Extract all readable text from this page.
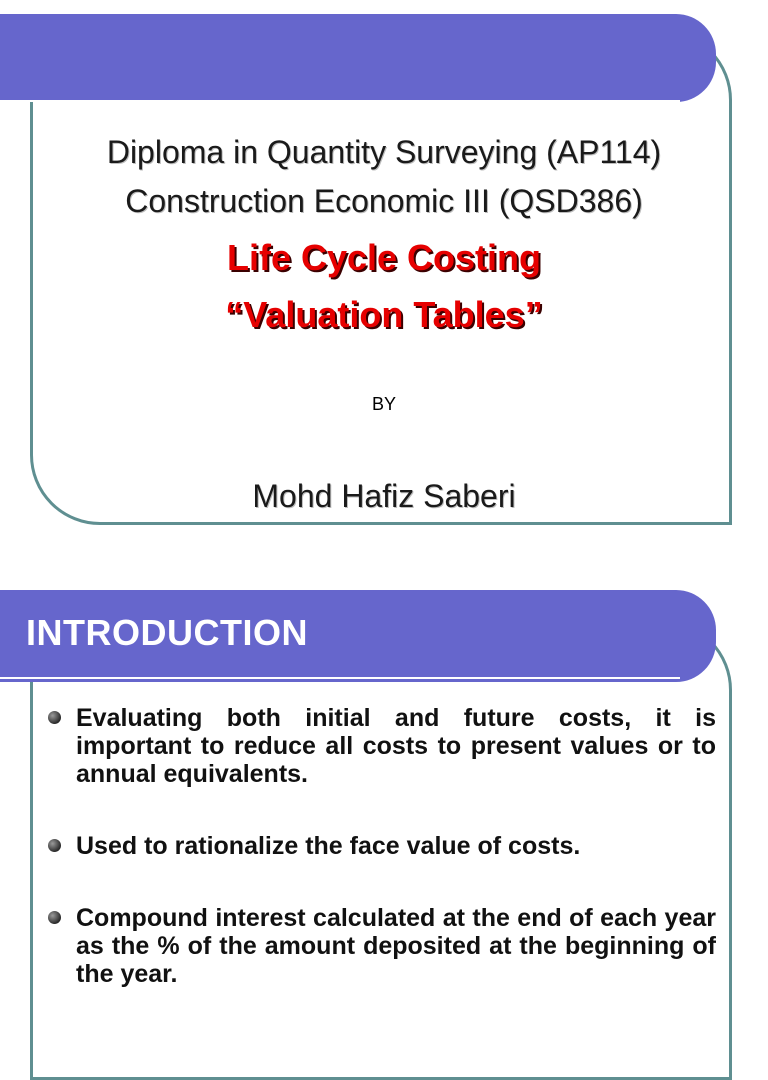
Diploma in Quantity Surveying (AP114)
Construction Economic III (QSD386)
Life Cycle Costing
“Valuation Tables”
BY
Mohd Hafiz Saberi
INTRODUCTION
Evaluating both initial and future costs, it is important to reduce all costs to present values or to annual equivalents.
Used to rationalize the face value of costs.
Compound interest calculated at the end of each year as the % of the amount deposited at the beginning of the year.
